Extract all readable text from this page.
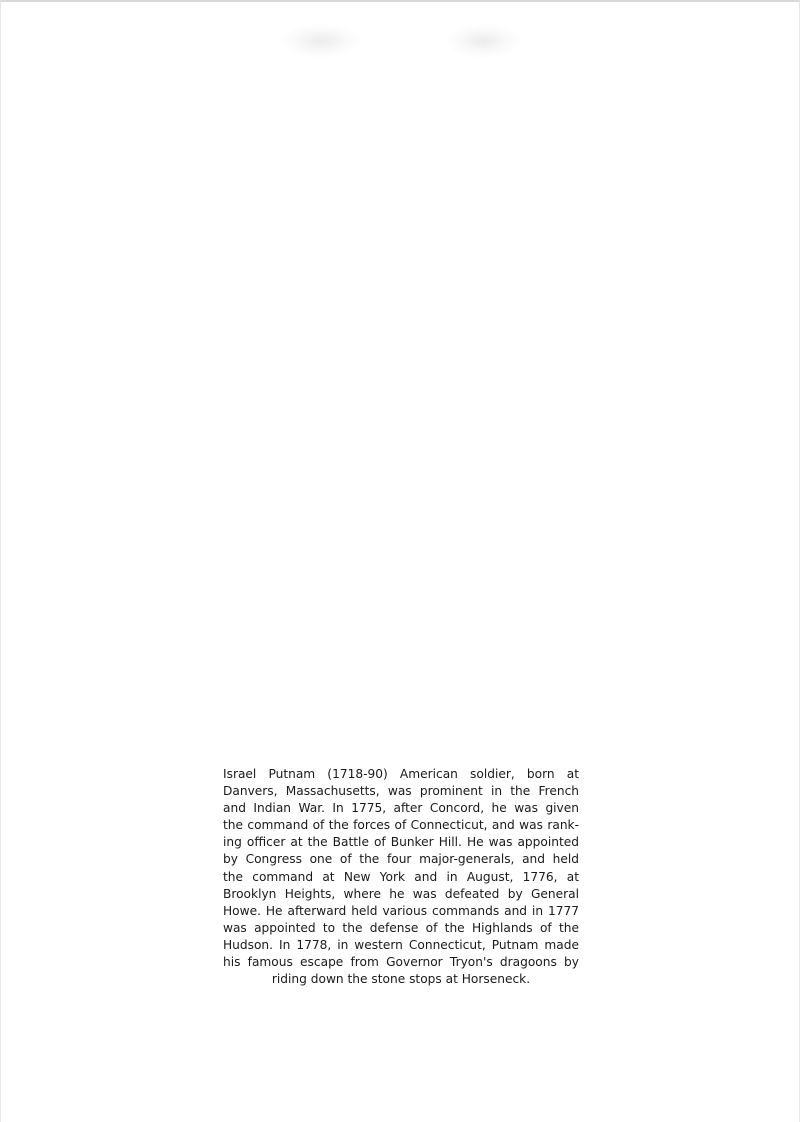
Israel Putnam (1718-90) American soldier, born at
Danvers, Massachusetts, was prominent in the French
and Indian War. In 1775, after Concord, he was given
the command of the forces of Connecticut, and was rank-
ing officer at the Battle of Bunker Hill. He was appointed
by Congress one of the four major-generals, and held
the command at New York and in August, 1776, at
Brooklyn Heights, where he was defeated by General
Howe. He afterward held various commands and in 1777
was appointed to the defense of the Highlands of the
Hudson. In 1778, in western Connecticut, Putnam made
his famous escape from Governor Tryon's dragoons by
riding down the stone stops at Horseneck.
